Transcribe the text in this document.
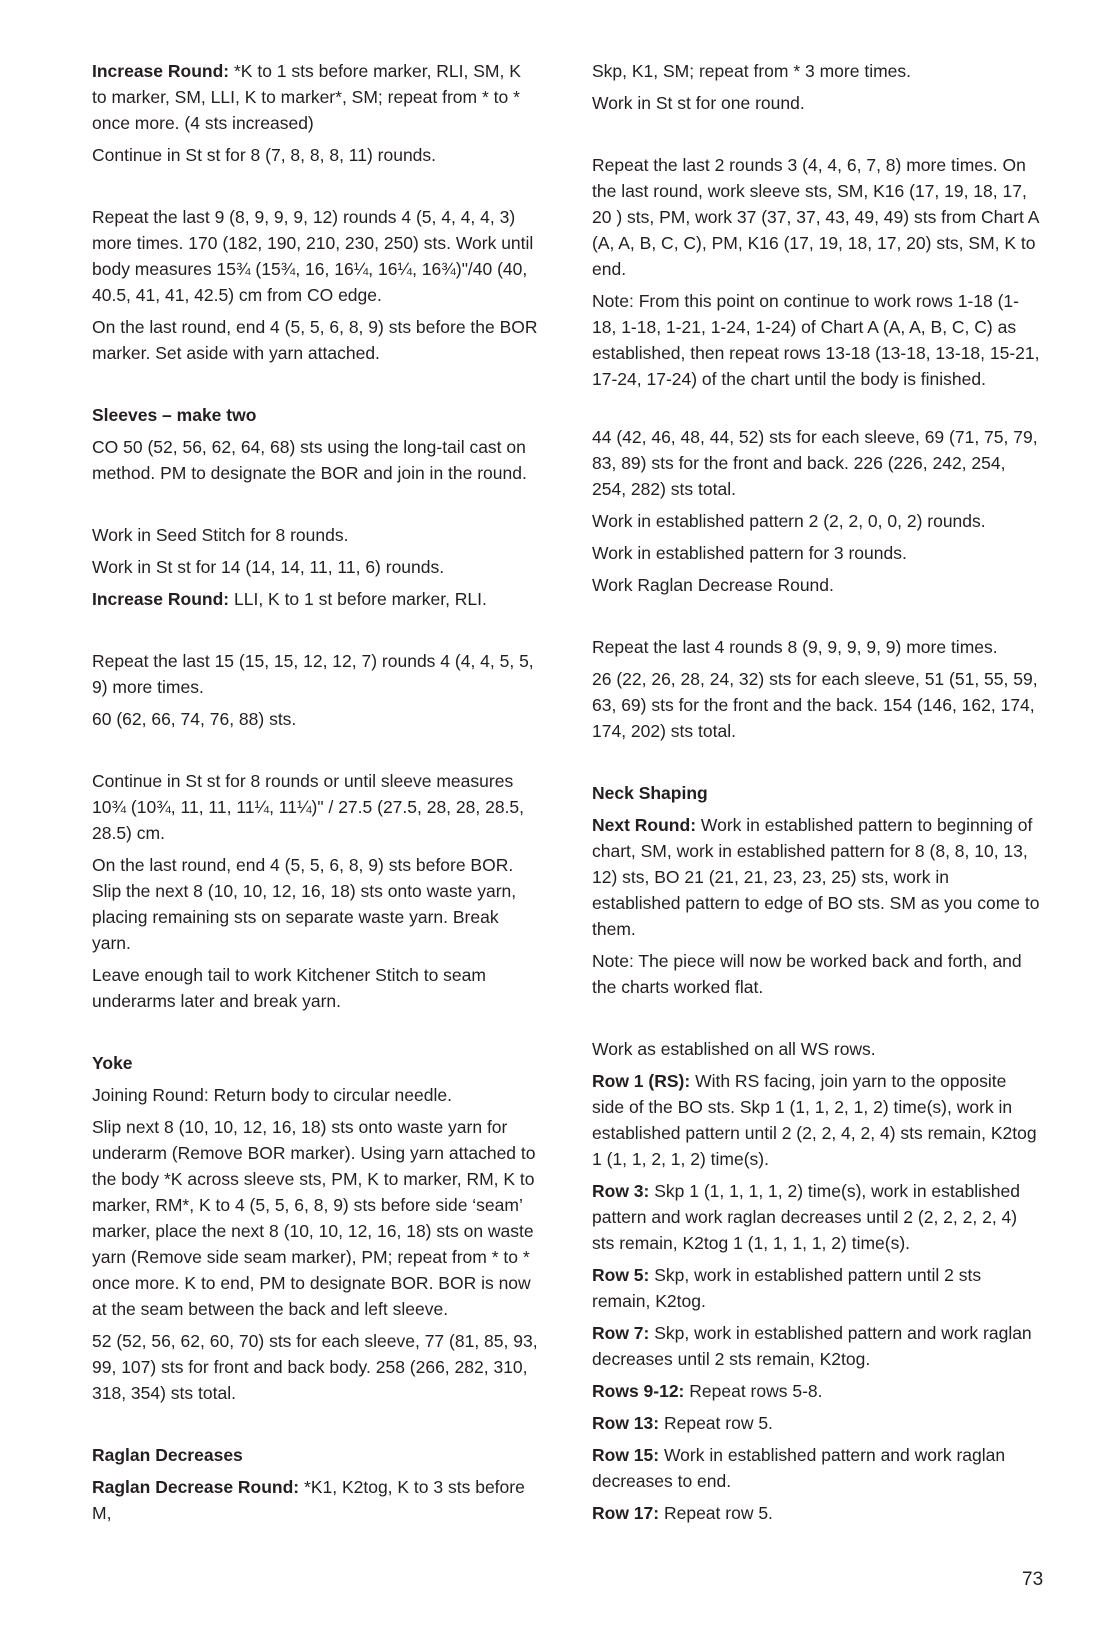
Increase Round: *K to 1 sts before marker, RLI, SM, K to marker, SM, LLI, K to marker*, SM; repeat from * to * once more. (4 sts increased)

Continue in St st for 8 (7, 8, 8, 8, 11) rounds.

Repeat the last 9 (8, 9, 9, 9, 12) rounds 4 (5, 4, 4, 4, 3) more times. 170 (182, 190, 210, 230, 250) sts. Work until body measures 15¾ (15¾, 16, 16¼, 16¼, 16¾)"/40 (40, 40.5, 41, 41, 42.5) cm from CO edge.

On the last round, end 4 (5, 5, 6, 8, 9) sts before the BOR marker. Set aside with yarn attached.

Sleeves – make two

CO 50 (52, 56, 62, 64, 68) sts using the long-tail cast on method. PM to designate the BOR and join in the round.

Work in Seed Stitch for 8 rounds.

Work in St st for 14 (14, 14, 11, 11, 6) rounds.

Increase Round: LLI, K to 1 st before marker, RLI.

Repeat the last 15 (15, 15, 12, 12, 7) rounds 4 (4, 4, 5, 5, 9) more times.

60 (62, 66, 74, 76, 88) sts.

Continue in St st for 8 rounds or until sleeve measures 10¾ (10¾, 11, 11, 11¼, 11¼)" / 27.5 (27.5, 28, 28, 28.5, 28.5) cm.

On the last round, end 4 (5, 5, 6, 8, 9) sts before BOR. Slip the next 8 (10, 10, 12, 16, 18) sts onto waste yarn, placing remaining sts on separate waste yarn. Break yarn.

Leave enough tail to work Kitchener Stitch to seam underarms later and break yarn.

Yoke

Joining Round: Return body to circular needle.

Slip next 8 (10, 10, 12, 16, 18) sts onto waste yarn for underarm (Remove BOR marker). Using yarn attached to the body *K across sleeve sts, PM, K to marker, RM, K to marker, RM*, K to 4 (5, 5, 6, 8, 9) sts before side ‘seam’ marker, place the next 8 (10, 10, 12, 16, 18) sts on waste yarn (Remove side seam marker), PM; repeat from * to * once more. K to end, PM to designate BOR. BOR is now at the seam between the back and left sleeve.

52 (52, 56, 62, 60, 70) sts for each sleeve, 77 (81, 85, 93, 99, 107) sts for front and back body. 258 (266, 282, 310, 318, 354) sts total.

Raglan Decreases

Raglan Decrease Round: *K1, K2tog, K to 3 sts before M,

Skp, K1, SM; repeat from * 3 more times.

Work in St st for one round.

Repeat the last 2 rounds 3 (4, 4, 6, 7, 8) more times. On the last round, work sleeve sts, SM, K16 (17, 19, 18, 17, 20 ) sts, PM, work 37 (37, 37, 43, 49, 49) sts from Chart A (A, A, B, C, C), PM, K16 (17, 19, 18, 17, 20) sts, SM, K to end.

Note: From this point on continue to work rows 1-18 (1-18, 1-18, 1-21, 1-24, 1-24) of Chart A (A, A, B, C, C) as established, then repeat rows 13-18 (13-18, 13-18, 15-21, 17-24, 17-24) of the chart until the body is finished.

44 (42, 46, 48, 44, 52) sts for each sleeve, 69 (71, 75, 79, 83, 89) sts for the front and back. 226 (226, 242, 254, 254, 282) sts total.

Work in established pattern 2 (2, 2, 0, 0, 2) rounds.

Work in established pattern for 3 rounds.

Work Raglan Decrease Round.

Repeat the last 4 rounds 8 (9, 9, 9, 9, 9) more times.

26 (22, 26, 28, 24, 32) sts for each sleeve, 51 (51, 55, 59, 63, 69) sts for the front and the back. 154 (146, 162, 174, 174, 202) sts total.

Neck Shaping

Next Round: Work in established pattern to beginning of chart, SM, work in established pattern for 8 (8, 8, 10, 13, 12) sts, BO 21 (21, 21, 23, 23, 25) sts, work in established pattern to edge of BO sts. SM as you come to them.

Note: The piece will now be worked back and forth, and the charts worked flat.

Work as established on all WS rows.

Row 1 (RS): With RS facing, join yarn to the opposite side of the BO sts. Skp 1 (1, 1, 2, 1, 2) time(s), work in established pattern until 2 (2, 2, 4, 2, 4) sts remain, K2tog 1 (1, 1, 2, 1, 2) time(s).

Row 3: Skp 1 (1, 1, 1, 1, 2) time(s), work in established pattern and work raglan decreases until 2 (2, 2, 2, 2, 4) sts remain, K2tog 1 (1, 1, 1, 1, 2) time(s).

Row 5: Skp, work in established pattern until 2 sts remain, K2tog.

Row 7: Skp, work in established pattern and work raglan decreases until 2 sts remain, K2tog.

Rows 9-12: Repeat rows 5-8.

Row 13: Repeat row 5.

Row 15: Work in established pattern and work raglan decreases to end.

Row 17: Repeat row 5.

73
